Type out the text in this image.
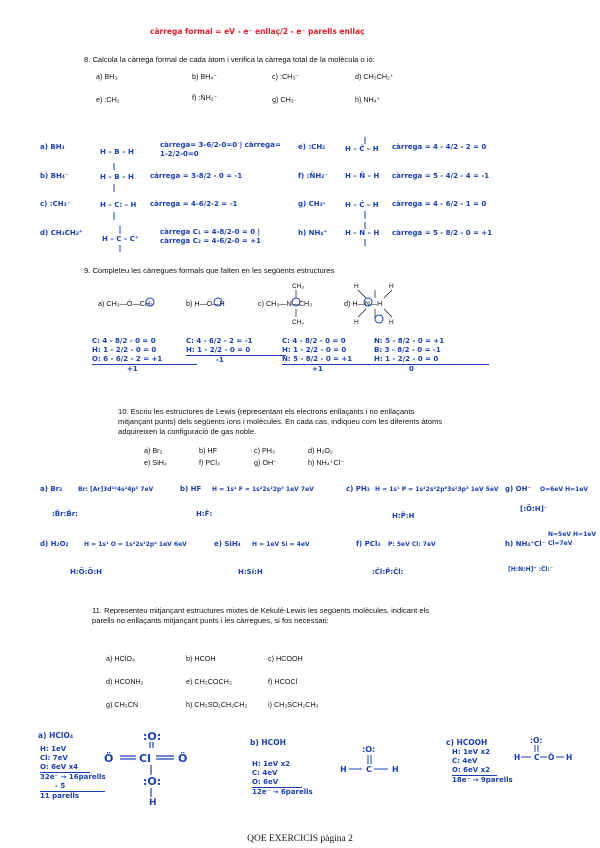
càrrega formal = eV - e⁻ enllaç/2 - e⁻ parells enllaç
8. Calcula la càrrega formal de cada àtom i verifica la càrrega total de la molècula o ió:
a) BH₃	b) BH₄⁻	c) :CH₃⁻	d) CH₃CH₂⁺
e) :CH₂	f) :N̈H₂⁻	g) CH₃·	h) NH₄⁺
a) BH₃
H – B – H
càrrega= 3-6/2-0=0 | càrrega= 1-2/2-0=0
b) BH₄⁻	H – B – H càrrega = 3-8/2 - 0 = -1
c) :CH₃⁻	H – C: – H càrrega = 4-6/2-2 = -1
d) CH₃CH₂⁺
H – C – C⁺
càrrega C₁ = 4-8/2-0 = 0 | càrrega C₂ = 4-6/2-0 = +1
e) :CH₂	H – C̈ – H càrrega = 4 - 4/2 - 2 = 0
f) :N̈H₂⁻ H – N̈ – H càrrega = 5 - 4/2 - 4 = -1
g) CH₃·	H – Ċ – H càrrega = 4 - 6/2 - 1 = 0
h) NH₄⁺	H – N – H càrrega = 5 - 8/2 - 0 = +1
9. Completeu les càrregues formals que falten en les següents estructures
a) CH₃—Ö—CH₃	b) H—Ö—H	c) CH₃—N—CH₃	d) H—N—H
CH₃
CH₃
H	H
H	H
C: 4 - 8/2 - 0 = 0
H: 1 - 2/2 - 0 = 0
O: 6 - 6/2 - 2 = +1
+1
C: 4 - 6/2 - 2 = -1
H: 1 - 2/2 - 0 = 0
-1
C: 4 - 8/2 - 0 = 0
H: 1 - 2/2 - 0 = 0
N: 5 - 8/2 - 0 = +1
+1
N: 5 - 8/2 - 0 = +1
B: 3 - 8/2 - 0 = -1
H: 1 - 2/2 - 0 = 0
0
10. Escriu les estructures de Lewis (representant els electrons enllaçants i no enllaçants mitjançant punts) dels següents ions i molècules. En cada cas, indiqueu com les diferents àtoms adquireixen la configuració de gas noble.
a) Br₂	b) HF	c) PH₃	d) H₂O₂
e) SiH₄	f) PCl₃	g) OH⁻	h) NH₄⁺Cl⁻
a) Br₂	Br: [Ar]3d¹⁰4s²4p⁵ 7eV
:B̈r:B̈r:
b) HF H = 1s¹ F = 1s²2s²2p⁵ 1eV 7eV
H:F̈:
c) PH₃ H = 1s¹ P = 1s²2s²2p⁶3s²3p³ 1eV 5eV
H:P̈:H
g) OH⁻ O=6eV H=1eV
[:Ö:H]⁻
d) H₂O₂	H = 1s¹ O = 1s²2s²2p⁴ 1eV 6eV
H:Ö:Ö:H
e) SiH₄ H = 1eV Si = 4eV
H:Si:H
f) PCl₃ P: 5eV Cl: 7eV
:C̈l:P̈:C̈l:
h) NH₄⁺Cl⁻
N=5eV H=1eV Cl=7eV
[H:N:H]⁺ :C̈l:⁻
11. Representeu mitjançant estructures mixtes de Kekulé-Lewis les següents molècules, indicant els parells no enllaçants mitjançant punts i les càrregues, si fos necessari:
a) HClO₄	b) HCOH	c) HCOOH
d) HCONH₂	e) CH₃COCH₃	f) HCOCl
g) CH₃CN	h) CH₃SO₂CH₂CH₃	i) CH₃SCH₂CH₃
a) HClO₄
H: 1eV
Cl: 7eV
O: 6eV x4
32e⁻ → 16parells
- 5
11 parells
:O:
Ö Cl Ö
:O:
H
b) HCOH
H: 1eV x2
C: 4eV
O: 6eV
12e⁻ → 6parells
:O:
H C	H
c) HCOOH
H: 1eV x2
C: 4eV
O: 6eV x2
18e⁻ → 9parells
:O:
H C Ö H
QOE EXERCICIS pàgina 2
